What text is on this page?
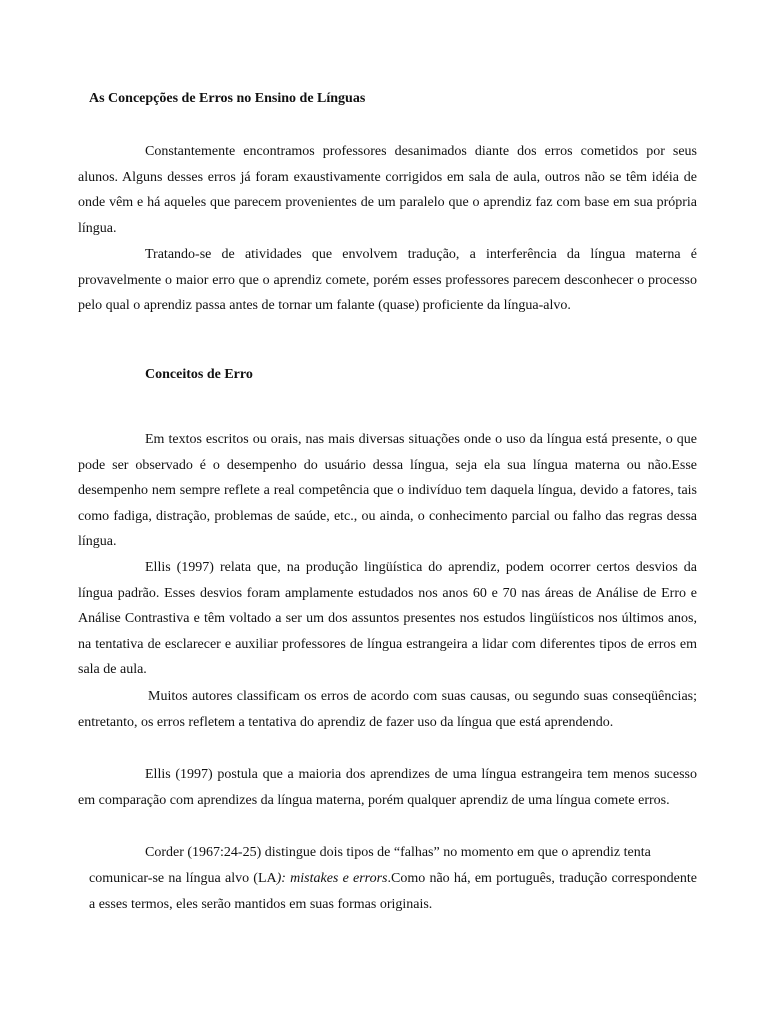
As Concepções de Erros no Ensino de Línguas

Constantemente encontramos professores desanimados diante dos erros cometidos por seus alunos. Alguns desses erros já foram exaustivamente corrigidos em sala de aula, outros não se têm idéia de onde vêm e há aqueles que parecem provenientes de um paralelo que o aprendiz faz com base em sua própria língua.

Tratando-se de atividades que envolvem tradução, a interferência da língua materna é provavelmente o maior erro que o aprendiz comete, porém esses professores parecem desconhecer o processo pelo qual o aprendiz passa antes de tornar um falante (quase) proficiente da língua-alvo.

Conceitos de Erro

Em textos escritos ou orais, nas mais diversas situações onde o uso da língua está presente, o que pode ser observado é o desempenho do usuário dessa língua, seja ela sua língua materna ou não.Esse desempenho nem sempre reflete a real competência que o indivíduo tem daquela língua, devido a fatores, tais como fadiga, distração, problemas de saúde, etc., ou ainda, o conhecimento parcial ou falho das regras dessa língua.

Ellis (1997) relata que, na produção lingüística do aprendiz, podem ocorrer certos desvios da língua padrão. Esses desvios foram amplamente estudados nos anos 60 e 70 nas áreas de Análise de Erro e Análise Contrastiva e têm voltado a ser um dos assuntos presentes nos estudos lingüísticos nos últimos anos, na tentativa de esclarecer e auxiliar professores de língua estrangeira a lidar com diferentes tipos de erros em sala de aula.

Muitos autores classificam os erros de acordo com suas causas, ou segundo suas conseqüências; entretanto, os erros refletem a tentativa do aprendiz de fazer uso da língua que está aprendendo.

Ellis (1997) postula que a maioria dos aprendizes de uma língua estrangeira tem menos sucesso em comparação com aprendizes da língua materna, porém qualquer aprendiz de uma língua comete erros.

Corder (1967:24-25) distingue dois tipos de “falhas” no momento em que o aprendiz tenta

comunicar-se na língua alvo (LA): mistakes e errors.Como não há, em português, tradução correspondente a esses termos, eles serão mantidos em suas formas originais.
